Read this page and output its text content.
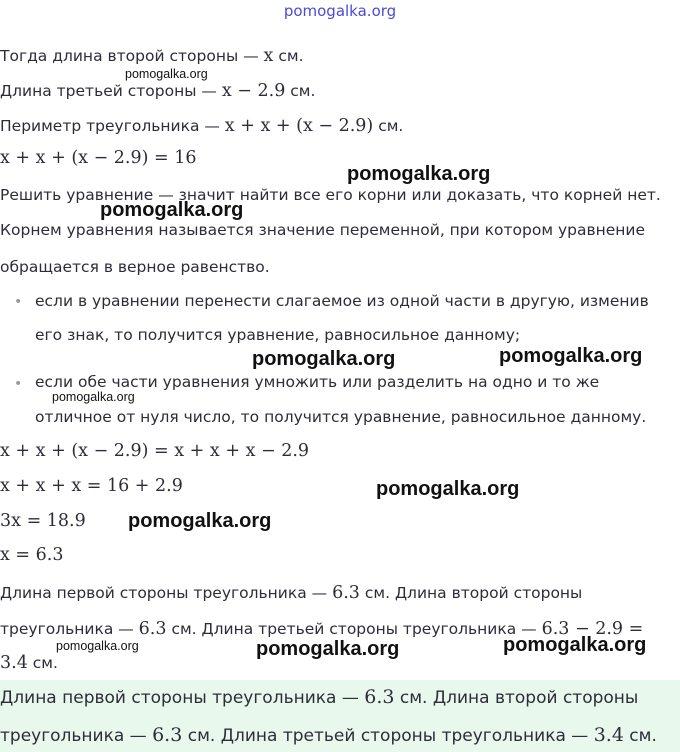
pomogalka.org
Тогда длина второй стороны — x см.
Длина третьей стороны — x − 2.9 см.
Периметр треугольника — x + x + (x − 2.9) см.
x + x + (x − 2.9) = 16
Решить уравнение — значит найти все его корни или доказать, что корней нет.
Корнем уравнения называется значение переменной, при котором уравнение
обращается в верное равенство.
• если в уравнении перенести слагаемое из одной части в другую, изменив
его знак, то получится уравнение, равносильное данному;
• если обе части уравнения умножить или разделить на одно и то же
отличное от нуля число, то получится уравнение, равносильное данному.
x + x + (x − 2.9) = x + x + x − 2.9
x + x + x = 16 + 2.9
3x = 18.9
x = 6.3
Длина первой стороны треугольника — 6.3 см. Длина второй стороны
треугольника — 6.3 см. Длина третьей стороны треугольника — 6.3 − 2.9 =
3.4 см.
Длина первой стороны треугольника — 6.3 см. Длина второй стороны
треугольника — 6.3 см. Длина третьей стороны треугольника — 3.4 см.
pomogalka.org
pomogalka.org
pomogalka.org
pomogalka.org	pomogalka.org
pomogalka.org
pomogalka.org
pomogalka.org
pomogalka.org	pomogalka.org	pomogalka.org
